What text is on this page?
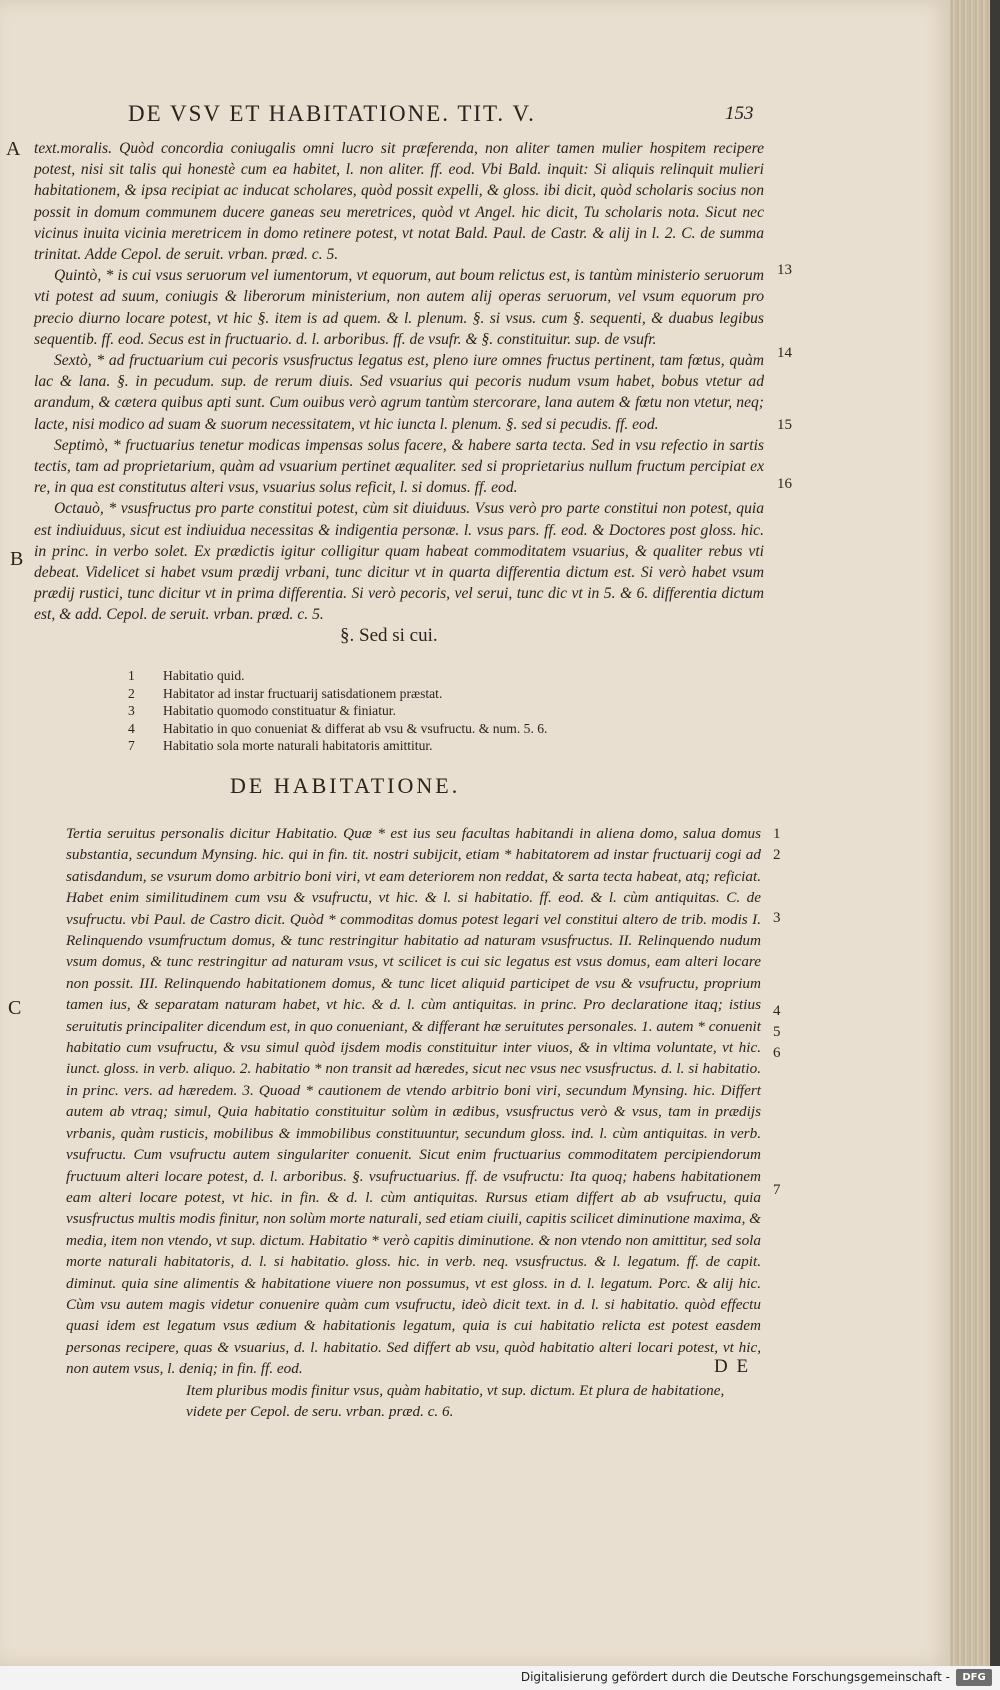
DE VSV ET HABITATIONE. TIT. V.	153
A
B
C
13
14
15
16

text.moralis. Quòd concordia coniugalis omni lucro sit præferenda, non aliter tamen mulier hospitem recipere potest, nisi sit talis qui honestè cum ea habitet, l. non aliter. ff. eod. Vbi Bald. inquit: Si aliquis relinquit mulieri habitationem, & ipsa recipiat ac inducat scholares, quòd possit expelli, & gloss. ibi dicit, quòd scholaris socius non possit in domum communem ducere ganeas seu meretrices, quòd vt Angel. hic dicit, Tu scholaris nota. Sicut nec vicinus inuita vicinia meretricem in domo retinere potest, vt notat Bald. Paul. de Castr. & alij in l. 2. C. de summa trinitat. Adde Cepol. de seruit. vrban. præd. c. 5.

Quintò, * is cui vsus seruorum vel iumentorum, vt equorum, aut boum relictus est, is tantùm ministerio seruorum vti potest ad suum, coniugis & liberorum ministerium, non autem alij operas seruorum, vel vsum equorum pro precio diurno locare potest, vt hic §. item is ad quem. & l. plenum. §. si vsus. cum §. sequenti, & duabus legibus sequentib. ff. eod. Secus est in fructuario. d. l. arboribus. ff. de vsufr. & §. constituitur. sup. de vsufr.

Sextò, * ad fructuarium cui pecoris vsusfructus legatus est, pleno iure omnes fructus pertinent, tam fœtus, quàm lac & lana. §. in pecudum. sup. de rerum diuis. Sed vsuarius qui pecoris nudum vsum habet, bobus vtetur ad arandum, & cætera quibus apti sunt. Cum ouibus verò agrum tantùm stercorare, lana autem & fœtu non vtetur, neq; lacte, nisi modico ad suam & suorum necessitatem, vt hic iuncta l. plenum. §. sed si pecudis. ff. eod.

Septimò, * fructuarius tenetur modicas impensas solus facere, & habere sarta tecta. Sed in vsu refectio in sartis tectis, tam ad proprietarium, quàm ad vsuarium pertinet æqualiter. sed si proprietarius nullum fructum percipiat ex re, in qua est constitutus alteri vsus, vsuarius solus reficit, l. si domus. ff. eod.

Octauò, * vsusfructus pro parte constitui potest, cùm sit diuiduus. Vsus verò pro parte constitui non potest, quia est indiuiduus, sicut est indiuidua necessitas & indigentia personæ. l. vsus pars. ff. eod. & Doctores post gloss. hic. in princ. in verbo solet. Ex prædictis igitur colligitur quam habeat commoditatem vsuarius, & qualiter rebus vti debeat. Videlicet si habet vsum prædij vrbani, tunc dicitur vt in quarta differentia dictum est. Si verò habet vsum prædij rustici, tunc dicitur vt in prima differentia. Si verò pecoris, vel serui, tunc dic vt in 5. & 6. differentia dictum est, & add. Cepol. de seruit. vrban. præd. c. 5.

§. Sed si cui.
1	Habitatio quid.
2	Habitator ad instar fructuarij satisdationem præstat.
3	Habitatio quomodo constituatur & finiatur.
4	Habitatio in quo conueniat & differat ab vsu & vsufructu. & num. 5. 6.
7	Habitatio sola morte naturali habitatoris amittitur.
DE HABITATIONE.
1
2
3
4
5
6
7

Tertia seruitus personalis dicitur Habitatio. Quæ * est ius seu facultas habitandi in aliena domo, salua domus substantia, secundum Mynsing. hic. qui in fin. tit. nostri subijcit, etiam * habitatorem ad instar fructuarij cogi ad satisdandum, se vsurum domo arbitrio boni viri, vt eam deteriorem non reddat, & sarta tecta habeat, atq; reficiat. Habet enim similitudinem cum vsu & vsufructu, vt hic. & l. si habitatio. ff. eod. & l. cùm antiquitas. C. de vsufructu. vbi Paul. de Castro dicit. Quòd * commoditas domus potest legari vel constitui altero de trib. modis I. Relinquendo vsumfructum domus, & tunc restringitur habitatio ad naturam vsusfructus. II. Relinquendo nudum vsum domus, & tunc restringitur ad naturam vsus, vt scilicet is cui sic legatus est vsus domus, eam alteri locare non possit. III. Relinquendo habitationem domus, & tunc licet aliquid participet de vsu & vsufructu, proprium tamen ius, & separatam naturam habet, vt hic. & d. l. cùm antiquitas. in princ. Pro declaratione itaq; istius seruitutis principaliter dicendum est, in quo conueniant, & differant hæ seruitutes personales. 1. autem * conuenit habitatio cum vsufructu, & vsu simul quòd ijsdem modis constituitur inter viuos, & in vltima voluntate, vt hic. iunct. gloss. in verb. aliquo. 2. habitatio * non transit ad hæredes, sicut nec vsus nec vsusfructus. d. l. si habitatio. in princ. vers. ad hæredem. 3. Quoad * cautionem de vtendo arbitrio boni viri, secundum Mynsing. hic. Differt autem ab vtraq; simul, Quia habitatio constituitur solùm in ædibus, vsusfructus verò & vsus, tam in prædijs vrbanis, quàm rusticis, mobilibus & immobilibus constituuntur, secundum gloss. ind. l. cùm antiquitas. in verb. vsufructu. Cum vsufructu autem singulariter conuenit. Sicut enim fructuarius commoditatem percipiendorum fructuum alteri locare potest, d. l. arboribus. §. vsufructuarius. ff. de vsufructu: Ita quoq; habens habitationem eam alteri locare potest, vt hic. in fin. & d. l. cùm antiquitas. Rursus etiam differt ab ab vsufructu, quia vsusfructus multis modis finitur, non solùm morte naturali, sed etiam ciuili, capitis scilicet diminutione maxima, & media, item non vtendo, vt sup. dictum. Habitatio * verò capitis diminutione. & non vtendo non amittitur, sed sola morte naturali habitatoris, d. l. si habitatio. gloss. hic. in verb. neq. vsusfructus. & l. legatum. ff. de capit. diminut. quia sine alimentis & habitatione viuere non possumus, vt est gloss. in d. l. legatum. Porc. & alij hic. Cùm vsu autem magis videtur conuenire quàm cum vsufructu, ideò dicit text. in d. l. si habitatio. quòd effectu quasi idem est legatum vsus ædium & habitationis legatum, quia is cui habitatio relicta est potest easdem personas recipere, quas & vsuarius, d. l. habitatio. Sed differt ab vsu, quòd habitatio alteri locari potest, vt hic, non autem vsus, l. deniq; in fin. ff. eod.

Item pluribus modis finitur vsus, quàm habitatio, vt sup. dictum. Et plura de habitatione, videte per Cepol. de seru. vrban. præd. c. 6.

D E
Digitalisierung gefördert durch die Deutsche Forschungsgemeinschaft -	DFG
